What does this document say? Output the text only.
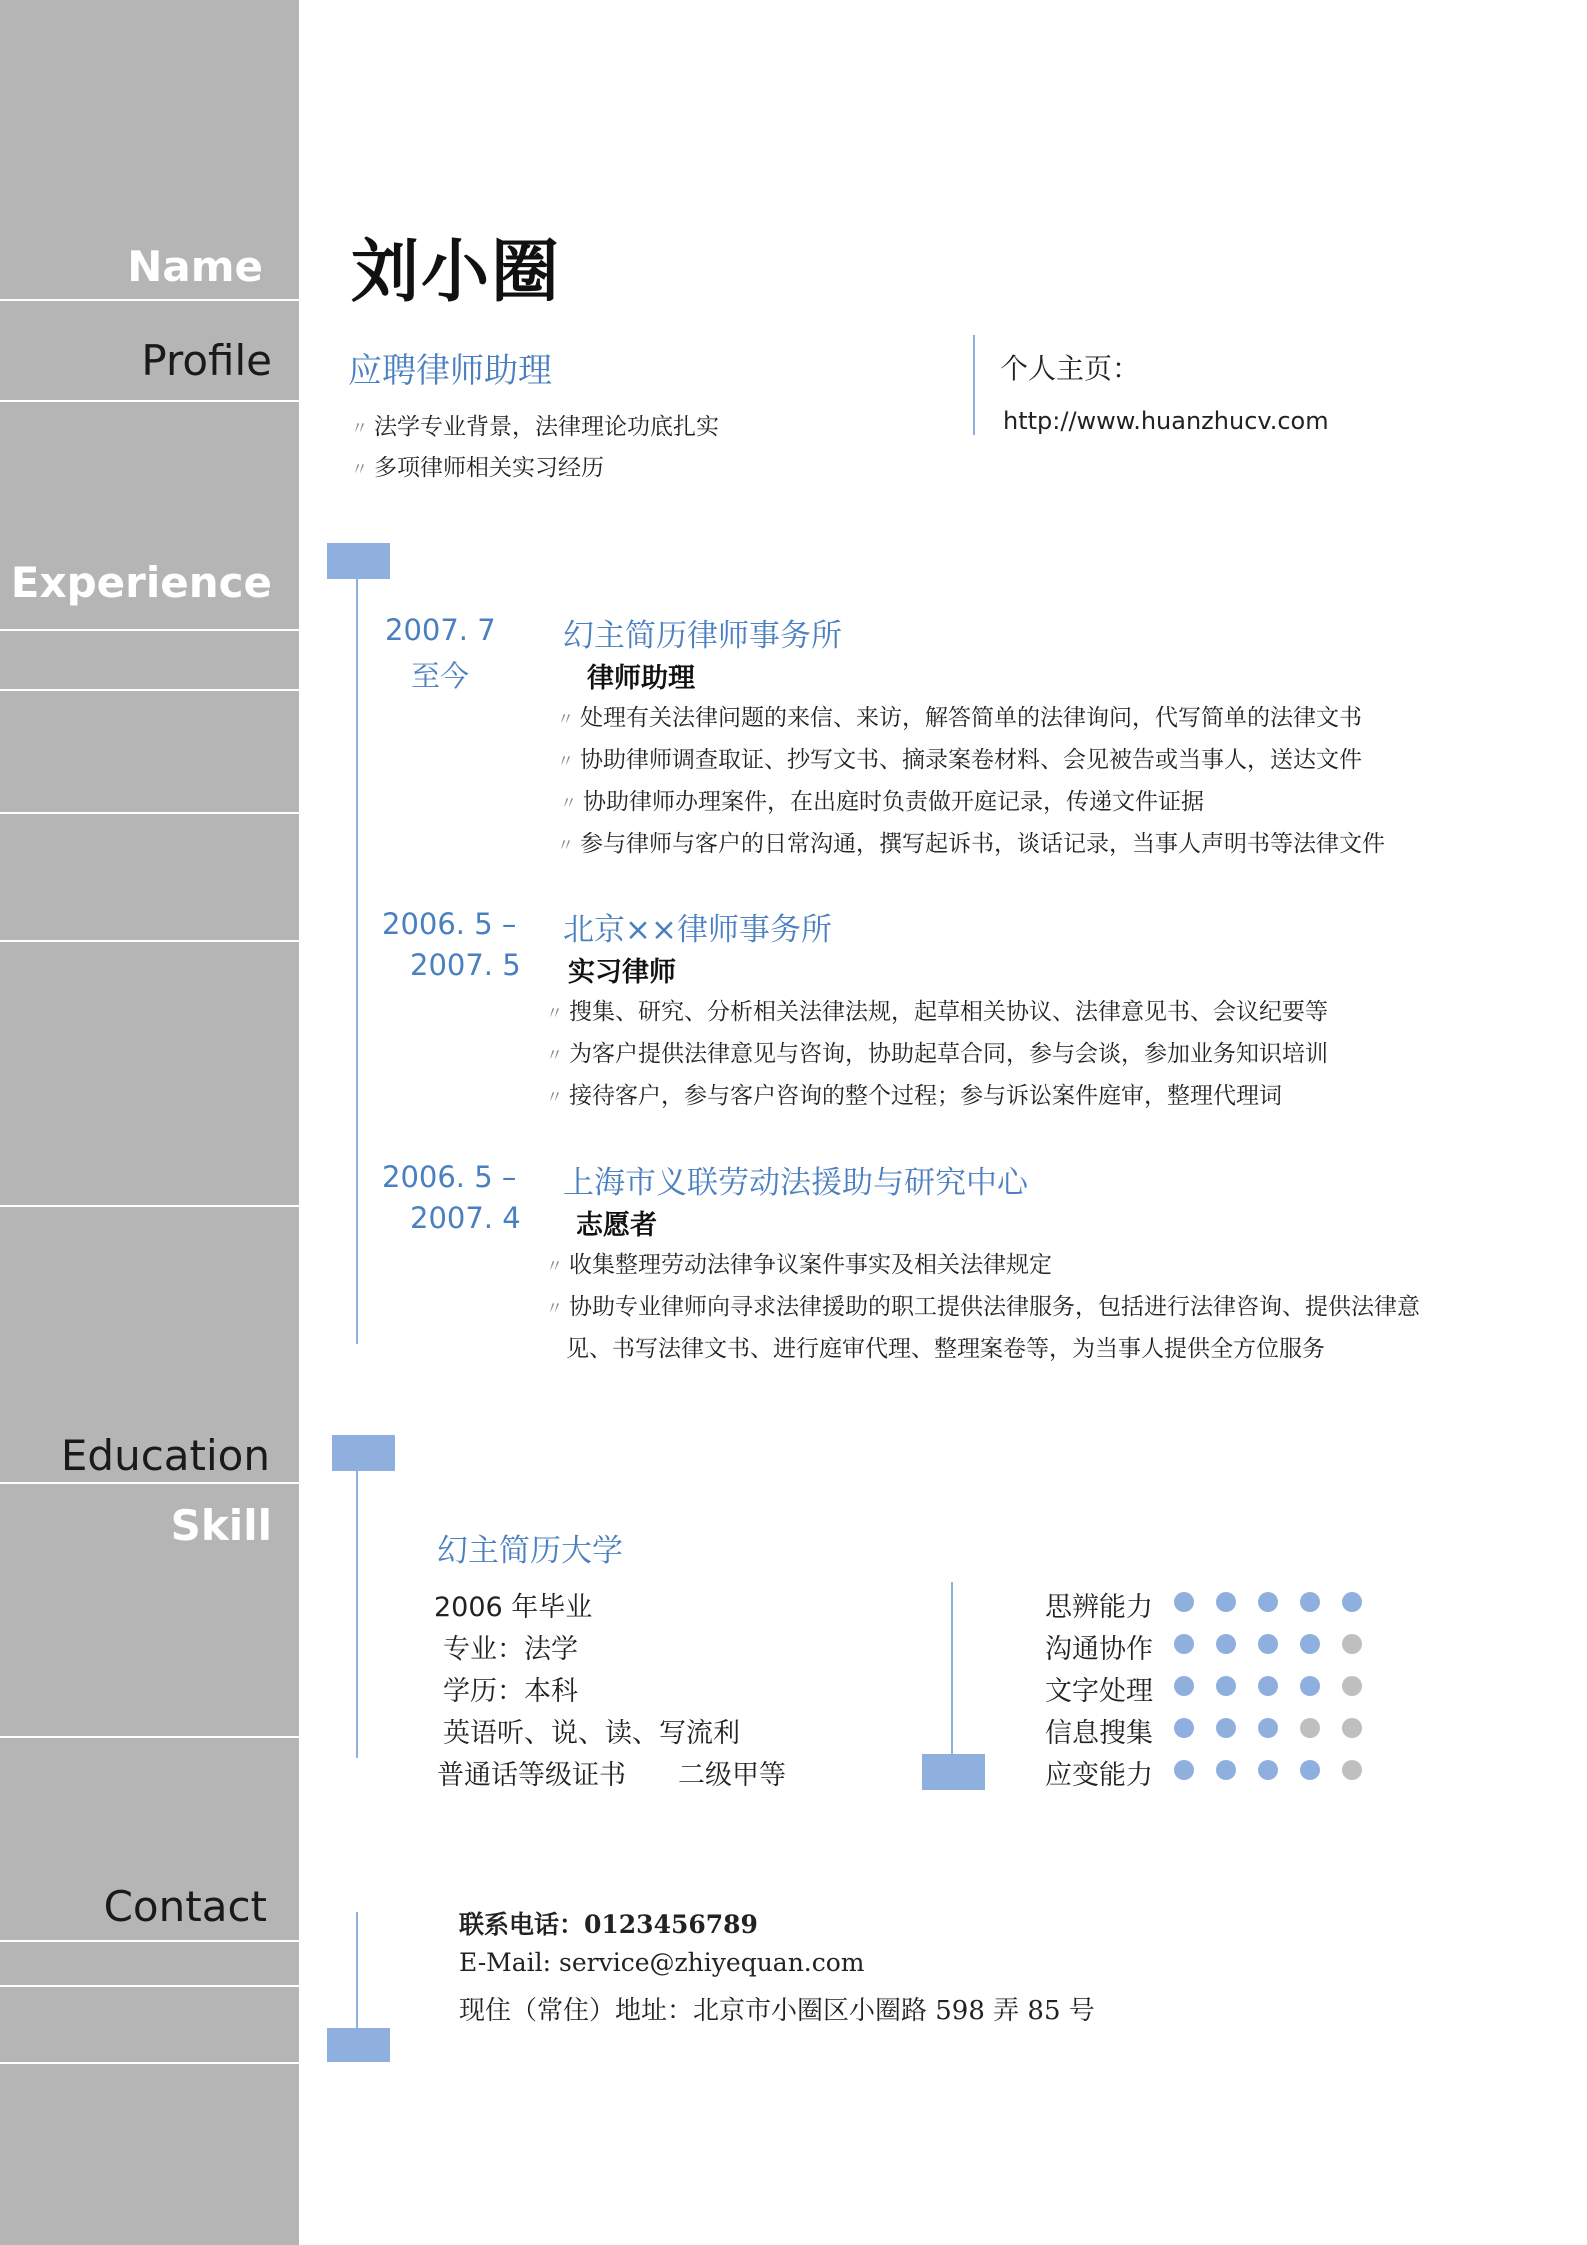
Name
Profile
Experience
Education
Skill
Contact
刘小圈
应聘律师助理
〃 法学专业背景，法律理论功底扎实
〃 多项律师相关实习经历
个人主页：
http://www.huanzhucv.com
2007. 7
至今
幻主简历律师事务所
律师助理
〃 处理有关法律问题的来信、来访，解答简单的法律询问，代写简单的法律文书
〃 协助律师调查取证、抄写文书、摘录案卷材料、会见被告或当事人，送达文件
〃 协助律师办理案件，在出庭时负责做开庭记录，传递文件证据
〃 参与律师与客户的日常沟通，撰写起诉书，谈话记录，当事人声明书等法律文件
2006. 5 –
2007. 5
北京××律师事务所
实习律师
〃 搜集、研究、分析相关法律法规，起草相关协议、法律意见书、会议纪要等
〃 为客户提供法律意见与咨询，协助起草合同，参与会谈，参加业务知识培训
〃 接待客户，参与客户咨询的整个过程；参与诉讼案件庭审，整理代理词
2006. 5 –
2007. 4
上海市义联劳动法援助与研究中心
志愿者
〃 收集整理劳动法律争议案件事实及相关法律规定
〃 协助专业律师向寻求法律援助的职工提供法律服务，包括进行法律咨询、提供法律意
见、书写法律文书、进行庭审代理、整理案卷等，为当事人提供全方位服务
幻主简历大学
2006 年毕业
专业：法学
学历：本科
英语听、说、读、写流利
普通话等级证书 二级甲等
思辨能力
沟通协作
文字处理
信息搜集
应变能力
联系电话：0123456789
E-Mail: service@zhiyequan.com
现住（常住）地址：北京市小圈区小圈路 598 弄 85 号
